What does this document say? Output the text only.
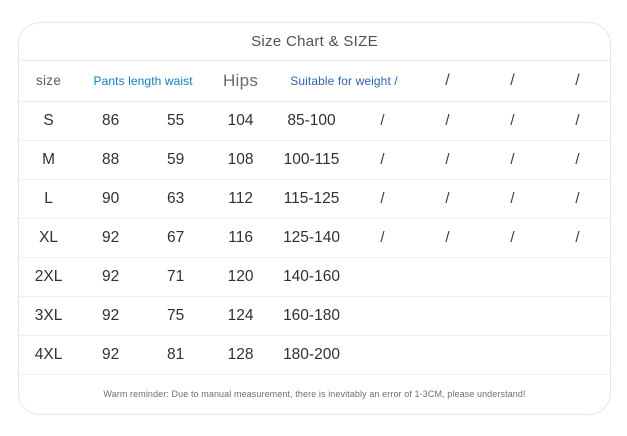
Size Chart & SIZE
size	Pants length waist		Hips	Suitable for weight /		/	/	/
S	86	55	104	85-100	/	/	/	/
M	88	59	108	100-115	/	/	/	/
L	90	63	112	115-125	/	/	/	/
XL	92	67	116	125-140	/	/	/	/
2XL	92	71	120	140-160				
3XL	92	75	124	160-180				
4XL	92	81	128	180-200				
Warm reminder: Due to manual measurement, there is inevitably an error of 1-3CM, please understand!
